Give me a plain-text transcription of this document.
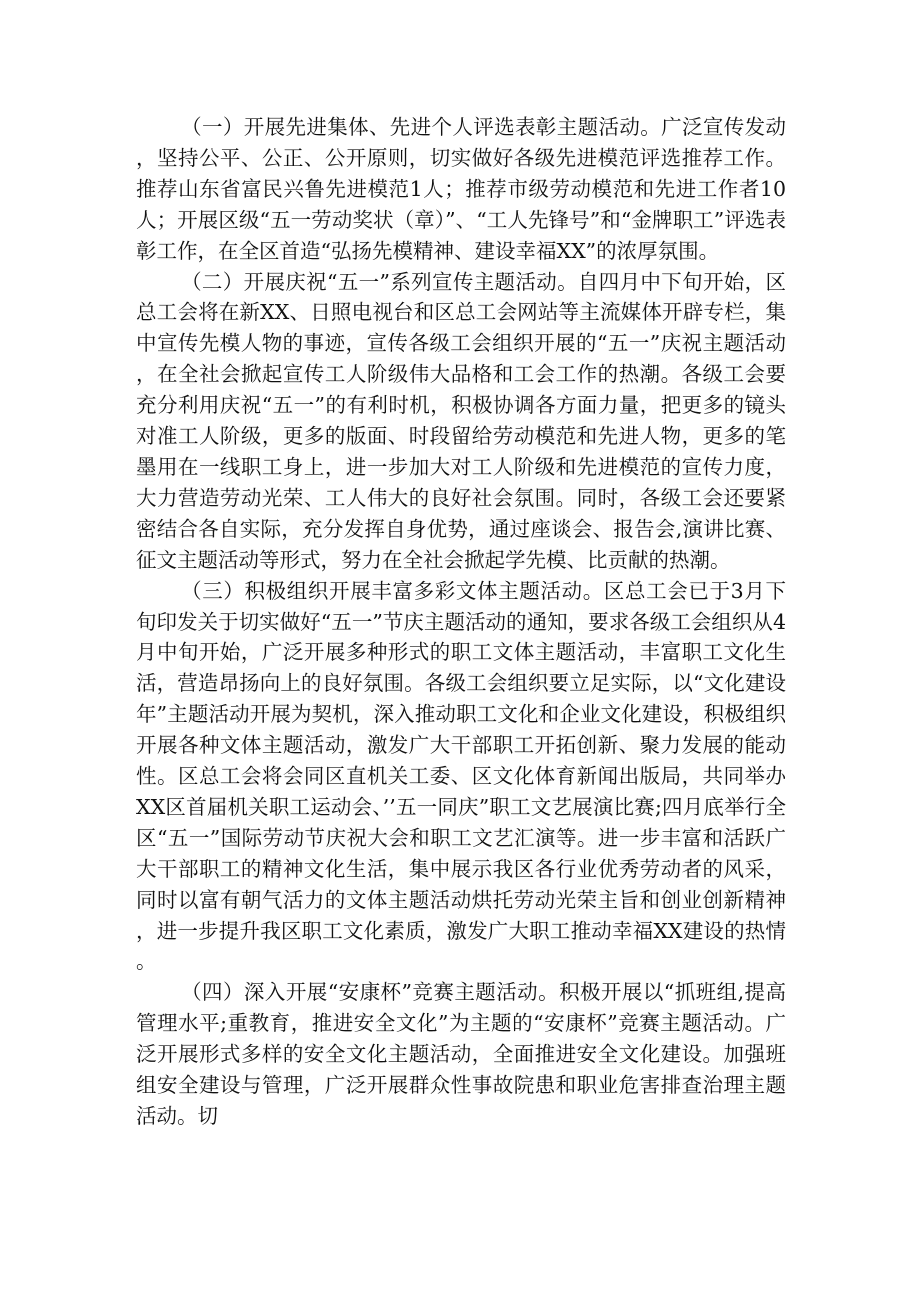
（一）开展先进集体、先进个人评选表彰主题活动。广泛宣传发动，坚持公平、公正、公开原则，切实做好各级先进模范评选推荐工作。推荐山东省富民兴鲁先进模范1人；推荐市级劳动模范和先进工作者10人；开展区级“五一劳动奖状（章）”、“工人先锋号”和“金牌职工”评选表彰工作，在全区首造“弘扬先模精神、建设幸福XX”的浓厚氛围。

（二）开展庆祝“五一”系列宣传主题活动。自四月中下旬开始，区总工会将在新XX、日照电视台和区总工会网站等主流媒体开辟专栏，集中宣传先模人物的事迹，宣传各级工会组织开展的“五一”庆祝主题活动，在全社会掀起宣传工人阶级伟大品格和工会工作的热潮。各级工会要充分利用庆祝“五一”的有利时机，积极协调各方面力量，把更多的镜头对准工人阶级，更多的版面、时段留给劳动模范和先进人物，更多的笔墨用在一线职工身上，进一步加大对工人阶级和先进模范的宣传力度，大力营造劳动光荣、工人伟大的良好社会氛围。同时，各级工会还要紧密结合各自实际，充分发挥自身优势，通过座谈会、报告会,演讲比赛、征文主题活动等形式，努力在全社会掀起学先模、比贡献的热潮。

（三）积极组织开展丰富多彩文体主题活动。区总工会已于3月下旬印发关于切实做好“五一”节庆主题活动的通知，要求各级工会组织从4月中旬开始，广泛开展多种形式的职工文体主题活动，丰富职工文化生活，营造昂扬向上的良好氛围。各级工会组织要立足实际，以“文化建设年”主题活动开展为契机，深入推动职工文化和企业文化建设，积极组织开展各种文体主题活动，激发广大干部职工开拓创新、聚力发展的能动性。区总工会将会同区直机关工委、区文化体育新闻出版局，共同举办XX区首届机关职工运动会、’’五一同庆”职工文艺展演比赛;四月底举行全区“五一”国际劳动节庆祝大会和职工文艺汇演等。进一步丰富和活跃广大干部职工的精神文化生活，集中展示我区各行业优秀劳动者的风采，同时以富有朝气活力的文体主题活动烘托劳动光荣主旨和创业创新精神，进一步提升我区职工文化素质，激发广大职工推动幸福XX建设的热情。

（四）深入开展“安康杯”竞赛主题活动。积极开展以“抓班组,提高管理水平;重教育，推进安全文化”为主题的“安康杯”竞赛主题活动。广泛开展形式多样的安全文化主题活动，全面推进安全文化建设。加强班组安全建设与管理，广泛开展群众性事故院患和职业危害排查治理主题活动。切
